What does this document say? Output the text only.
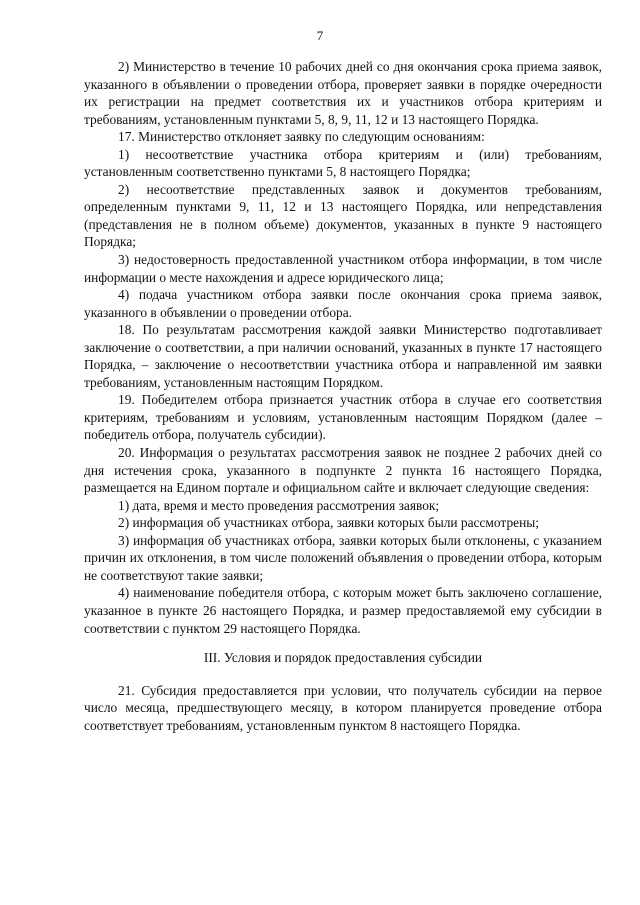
7

2) Министерство в течение 10 рабочих дней со дня окончания срока приема заявок, указанного в объявлении о проведении отбора, проверяет заявки в порядке очередности их регистрации на предмет соответствия их и участников отбора критериям и требованиям, установленным пунктами 5, 8, 9, 11, 12 и 13 настоящего Порядка.

17. Министерство отклоняет заявку по следующим основаниям:

1) несоответствие участника отбора критериям и (или) требованиям, установленным соответственно пунктами 5, 8 настоящего Порядка;

2) несоответствие представленных заявок и документов требованиям, определенным пунктами 9, 11, 12 и 13 настоящего Порядка, или непредставления (представления не в полном объеме) документов, указанных в пункте 9 настоящего Порядка;

3) недостоверность предоставленной участником отбора информации, в том числе информации о месте нахождения и адресе юридического лица;

4) подача участником отбора заявки после окончания срока приема заявок, указанного в объявлении о проведении отбора.

18. По результатам рассмотрения каждой заявки Министерство подготавливает заключение о соответствии, а при наличии оснований, указанных в пункте 17 настоящего Порядка, – заключение о несоответствии участника отбора и направленной им заявки требованиям, установленным настоящим Порядком.

19. Победителем отбора признается участник отбора в случае его соответствия критериям, требованиям и условиям, установленным настоящим Порядком (далее – победитель отбора, получатель субсидии).

20. Информация о результатах рассмотрения заявок не позднее 2 рабочих дней со дня истечения срока, указанного в подпункте 2 пункта 16 настоящего Порядка, размещается на Едином портале и официальном сайте и включает следующие сведения:

1) дата, время и место проведения рассмотрения заявок;

2) информация об участниках отбора, заявки которых были рассмотрены;

3) информация об участниках отбора, заявки которых были отклонены, с указанием причин их отклонения, в том числе положений объявления о проведении отбора, которым не соответствуют такие заявки;

4) наименование победителя отбора, с которым может быть заключено соглашение, указанное в пункте 26 настоящего Порядка, и размер предоставляемой ему субсидии в соответствии с пунктом 29 настоящего Порядка.

III. Условия и порядок предоставления субсидии

21. Субсидия предоставляется при условии, что получатель субсидии на первое число месяца, предшествующего месяцу, в котором планируется проведение отбора соответствует требованиям, установленным пунктом 8 настоящего Порядка.
